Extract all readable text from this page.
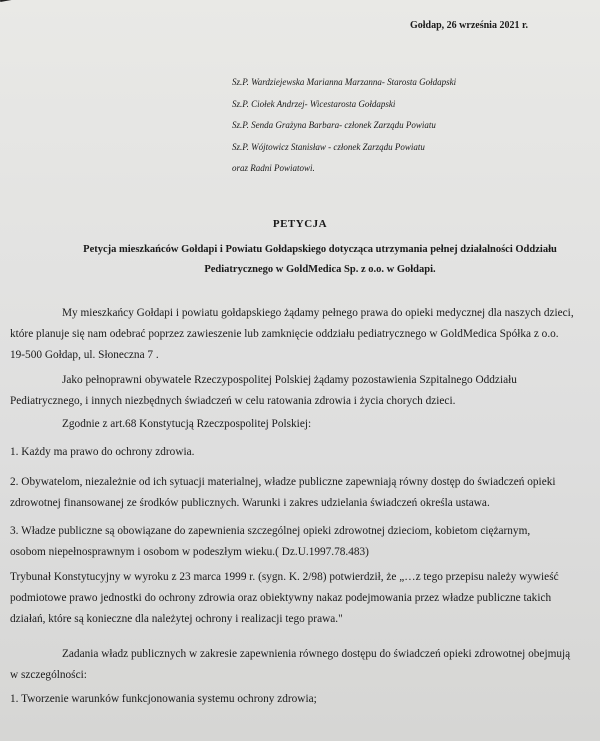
Gołdap, 26 września 2021 r.
Sz.P. Wardziejewska Marianna Marzanna- Starosta Gołdapski
Sz.P. Ciołek Andrzej- Wicestarosta Gołdapski
Sz.P. Senda Grażyna Barbara- członek Zarządu Powiatu
Sz.P. Wójtowicz Stanisław - członek Zarządu Powiatu
oraz Radni Powiatowi.
PETYCJA
Petycja mieszkańców Gołdapi i Powiatu Gołdapskiego dotycząca utrzymania pełnej działalności Oddziału
Pediatrycznego w GoldMedica Sp. z o.o. w Gołdapi.
My mieszkańcy Gołdapi i powiatu gołdapskiego żądamy pełnego prawa do opieki medycznej dla naszych dzieci,
które planuje się nam odebrać poprzez zawieszenie lub zamknięcie oddziału pediatrycznego w GoldMedica Spółka z o.o.
19-500 Gołdap, ul. Słoneczna 7 .
Jako pełnoprawni obywatele Rzeczypospolitej Polskiej żądamy pozostawienia Szpitalnego Oddziału
Pediatrycznego, i innych niezbędnych świadczeń w celu ratowania zdrowia i życia chorych dzieci.
Zgodnie z art.68 Konstytucją Rzeczpospolitej Polskiej:
1. Każdy ma prawo do ochrony zdrowia.
2. Obywatelom, niezależnie od ich sytuacji materialnej, władze publiczne zapewniają równy dostęp do świadczeń opieki
zdrowotnej finansowanej ze środków publicznych. Warunki i zakres udzielania świadczeń określa ustawa.
3. Władze publiczne są obowiązane do zapewnienia szczególnej opieki zdrowotnej dzieciom, kobietom ciężarnym,
osobom niepełnosprawnym i osobom w podeszłym wieku.( Dz.U.1997.78.483)
Trybunał Konstytucyjny w wyroku z 23 marca 1999 r. (sygn. K. 2/98) potwierdził, że „…z tego przepisu należy wywieść
podmiotowe prawo jednostki do ochrony zdrowia oraz obiektywny nakaz podejmowania przez władze publiczne takich
działań, które są konieczne dla należytej ochrony i realizacji tego prawa."
Zadania władz publicznych w zakresie zapewnienia równego dostępu do świadczeń opieki zdrowotnej obejmują
w szczególności:
1. Tworzenie warunków funkcjonowania systemu ochrony zdrowia;
